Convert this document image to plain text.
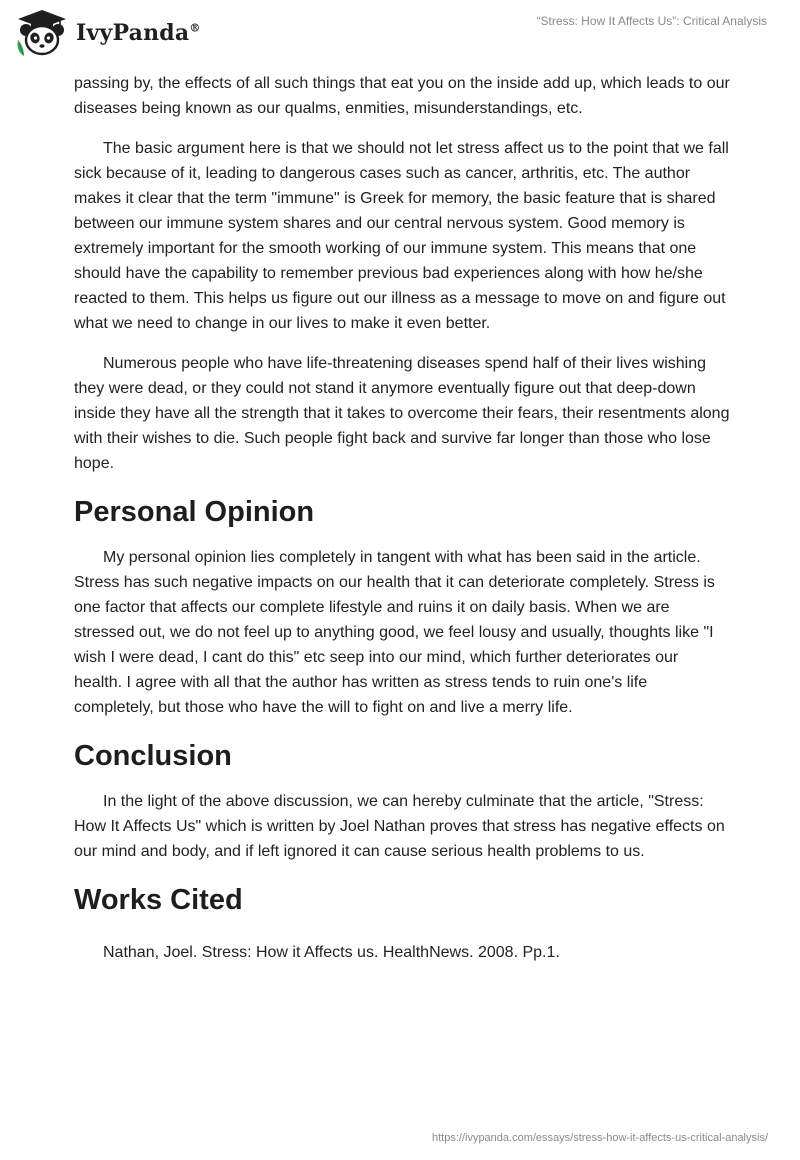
IvyPanda®
“Stress: How It Affects Us”: Critical Analysis

passing by, the effects of all such things that eat you on the inside add up, which leads to our diseases being known as our qualms, enmities, misunderstandings, etc.

The basic argument here is that we should not let stress affect us to the point that we fall sick because of it, leading to dangerous cases such as cancer, arthritis, etc. The author makes it clear that the term "immune" is Greek for memory, the basic feature that is shared between our immune system shares and our central nervous system. Good memory is extremely important for the smooth working of our immune system. This means that one should have the capability to remember previous bad experiences along with how he/she reacted to them. This helps us figure out our illness as a message to move on and figure out what we need to change in our lives to make it even better.

Numerous people who have life-threatening diseases spend half of their lives wishing they were dead, or they could not stand it anymore eventually figure out that deep-down inside they have all the strength that it takes to overcome their fears, their resentments along with their wishes to die. Such people fight back and survive far longer than those who lose hope.

Personal Opinion

My personal opinion lies completely in tangent with what has been said in the article. Stress has such negative impacts on our health that it can deteriorate completely. Stress is one factor that affects our complete lifestyle and ruins it on daily basis. When we are stressed out, we do not feel up to anything good, we feel lousy and usually, thoughts like "I wish I were dead, I cant do this" etc seep into our mind, which further deteriorates our health. I agree with all that the author has written as stress tends to ruin one's life completely, but those who have the will to fight on and live a merry life.

Conclusion

In the light of the above discussion, we can hereby culminate that the article, "Stress: How It Affects Us" which is written by Joel Nathan proves that stress has negative effects on our mind and body, and if left ignored it can cause serious health problems to us.

Works Cited

Nathan, Joel. Stress: How it Affects us. HealthNews. 2008. Pp.1.

https://ivypanda.com/essays/stress-how-it-affects-us-critical-analysis/
